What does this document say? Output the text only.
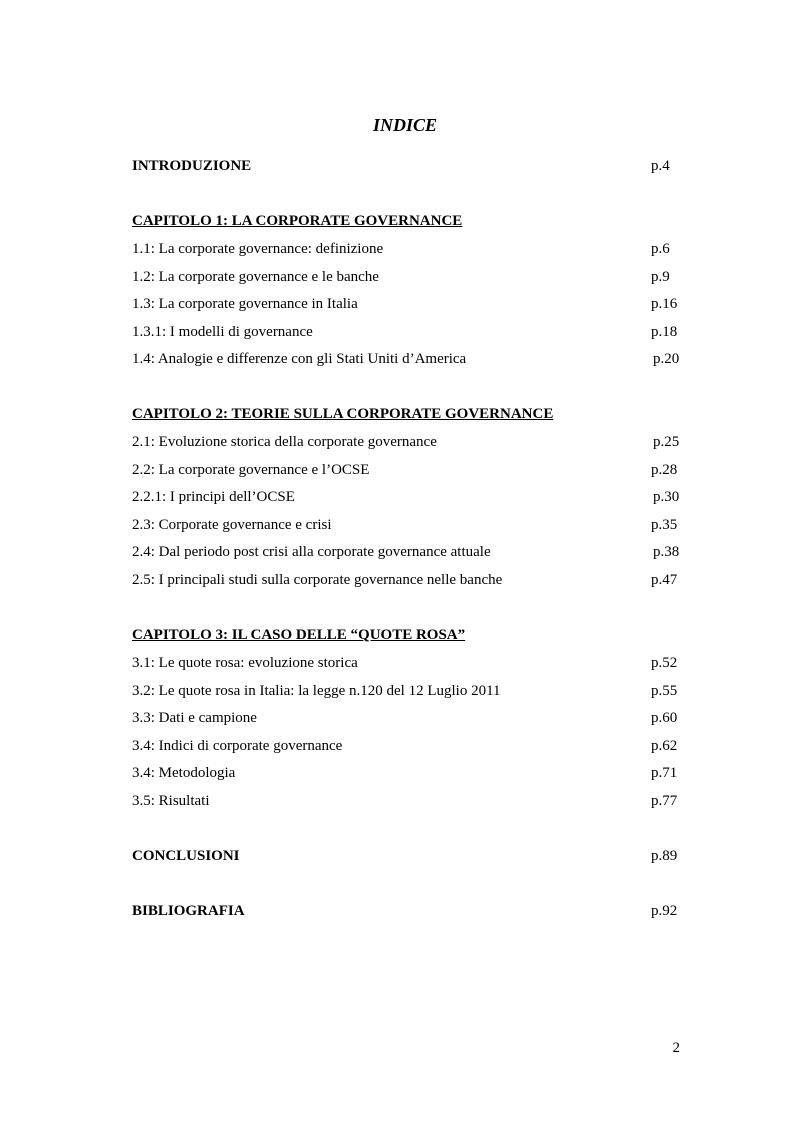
INDICE
INTRODUZIONE	p.4
CAPITOLO 1: LA CORPORATE GOVERNANCE
1.1: La corporate governance: definizione	p.6
1.2: La corporate governance e le banche	p.9
1.3: La corporate governance in Italia	p.16
1.3.1: I modelli di governance	p.18
1.4: Analogie e differenze con gli Stati Uniti d’America	p.20
CAPITOLO 2: TEORIE SULLA CORPORATE GOVERNANCE
2.1: Evoluzione storica della corporate governance	p.25
2.2: La corporate governance e l’OCSE	p.28
2.2.1: I principi dell’OCSE	p.30
2.3: Corporate governance e crisi	p.35
2.4: Dal periodo post crisi alla corporate governance attuale	p.38
2.5: I principali studi sulla corporate governance nelle banche	p.47
CAPITOLO 3: IL CASO DELLE “QUOTE ROSA”
3.1: Le quote rosa: evoluzione storica	p.52
3.2: Le quote rosa in Italia: la legge n.120 del 12 Luglio 2011	p.55
3.3: Dati e campione	p.60
3.4: Indici di corporate governance	p.62
3.4: Metodologia	p.71
3.5: Risultati	p.77
CONCLUSIONI	p.89
BIBLIOGRAFIA	p.92
2
